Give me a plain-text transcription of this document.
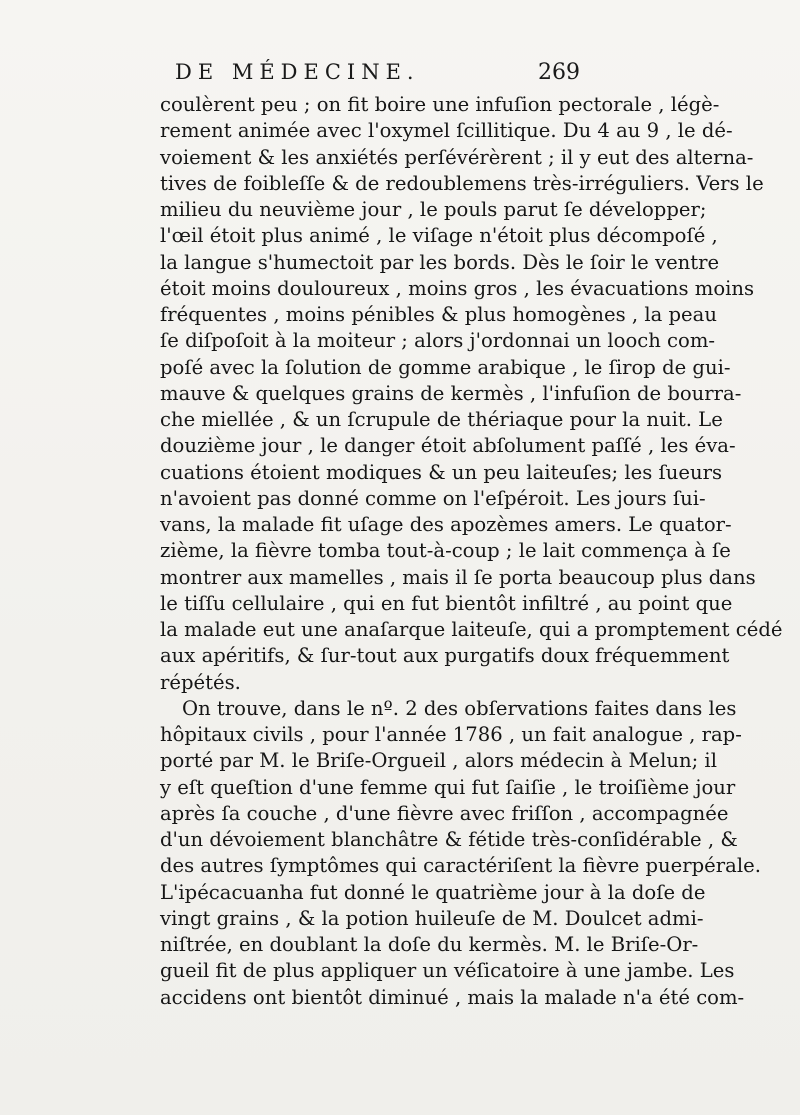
DE MÉDECINE.	269
coulèrent peu ; on fit boire une infuſion pectorale , légè-
rement animée avec l'oxymel ſcillitique. Du 4 au 9 , le dé-
voiement & les anxiétés perſévérèrent ; il y eut des alterna-
tives de foibleſſe & de redoublemens très-irréguliers. Vers le
milieu du neuvième jour , le pouls parut ſe développer;
l'œil étoit plus animé , le viſage n'étoit plus décompoſé ,
la langue s'humectoit par les bords. Dès le ſoir le ventre
étoit moins douloureux , moins gros , les évacuations moins
fréquentes , moins pénibles & plus homogènes , la peau
ſe diſpoſoit à la moiteur ; alors j'ordonnai un looch com-
poſé avec la ſolution de gomme arabique , le ſirop de gui-
mauve & quelques grains de kermès , l'infuſion de bourra-
che miellée , & un ſcrupule de thériaque pour la nuit. Le
douzième jour , le danger étoit abſolument paſſé , les éva-
cuations étoient modiques & un peu laiteuſes; les ſueurs
n'avoient pas donné comme on l'eſpéroit. Les jours ſui-
vans, la malade fit uſage des apozèmes amers. Le quator-
zième, la fièvre tomba tout-à-coup ; le lait commença à ſe
montrer aux mamelles , mais il ſe porta beaucoup plus dans
le tiſſu cellulaire , qui en fut bientôt infiltré , au point que
la malade eut une anaſarque laiteuſe, qui a promptement cédé
aux apéritifs, & ſur-tout aux purgatifs doux fréquemment
répétés.
On trouve, dans le nº. 2 des obſervations faites dans les
hôpitaux civils , pour l'année 1786 , un fait analogue , rap-
porté par M. le Briſe-Orgueil , alors médecin à Melun; il
y eſt queſtion d'une femme qui fut ſaiſie , le troiſième jour
après ſa couche , d'une fièvre avec friſſon , accompagnée
d'un dévoiement blanchâtre & fétide très-conſidérable , &
des autres ſymptômes qui caractériſent la fièvre puerpérale.
L'ipécacuanha fut donné le quatrième jour à la doſe de
vingt grains , & la potion huileuſe de M. Doulcet admi-
niſtrée, en doublant la doſe du kermès. M. le Briſe-Or-
gueil fit de plus appliquer un véſicatoire à une jambe. Les
accidens ont bientôt diminué , mais la malade n'a été com-
